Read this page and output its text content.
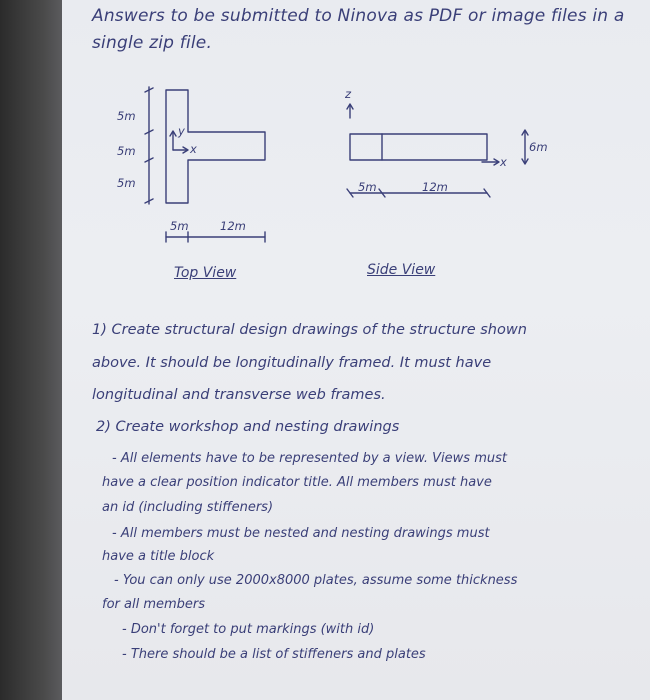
Answers to be submitted to Ninova as PDF or image files in a
single zip file.
5m
5m
5m
y
x
5m	12m
Top View
z
x
6m
5m	12m
Side View
1) Create structural design drawings of the structure shown
above. It should be longitudinally framed. It must have
longitudinal and transverse web frames.
2) Create workshop and nesting drawings
- All elements have to be represented by a view. Views must
have a clear position indicator title. All members must have
an id (including stiffeners)
- All members must be nested and nesting drawings must
have a title block
- You can only use 2000x8000 plates, assume some thickness
for all members
- Don't forget to put markings (with id)
- There should be a list of stiffeners and plates
